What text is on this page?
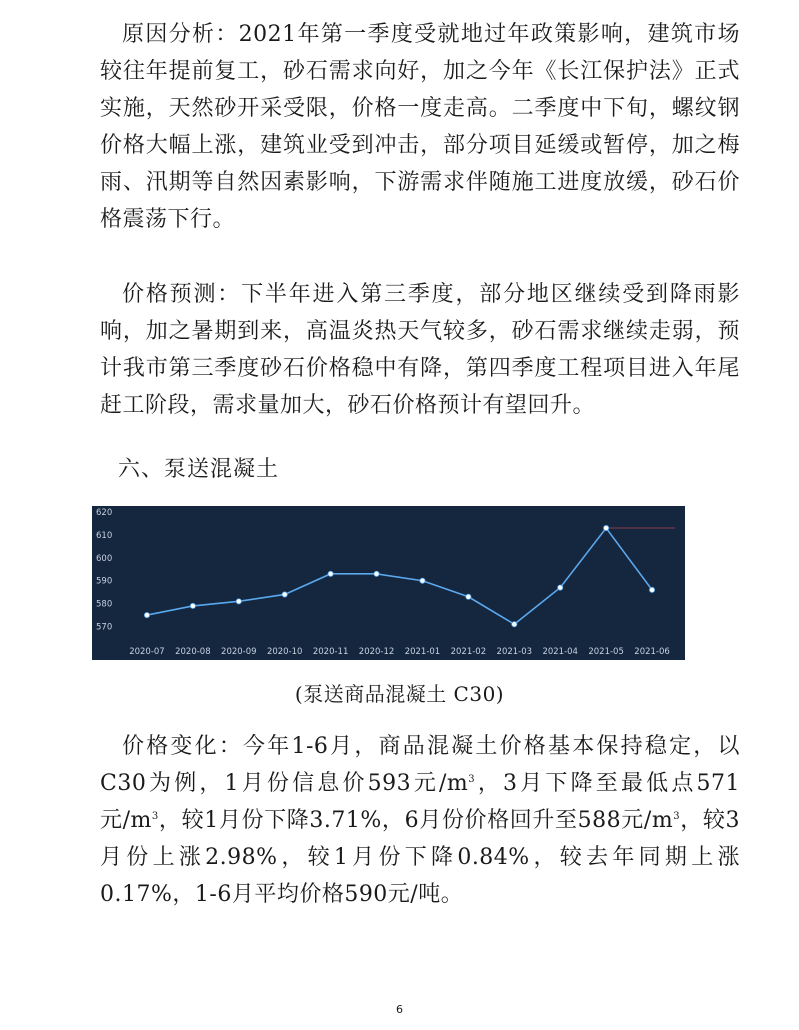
原因分析：2021年第一季度受就地过年政策影响，建筑市场较往年提前复工，砂石需求向好，加之今年《长江保护法》正式实施，天然砂开采受限，价格一度走高。二季度中下旬，螺纹钢价格大幅上涨，建筑业受到冲击，部分项目延缓或暂停，加之梅雨、汛期等自然因素影响，下游需求伴随施工进度放缓，砂石价格震荡下行。

价格预测：下半年进入第三季度，部分地区继续受到降雨影响，加之暑期到来，高温炎热天气较多，砂石需求继续走弱，预计我市第三季度砂石价格稳中有降，第四季度工程项目进入年尾赶工阶段，需求量加大，砂石价格预计有望回升。

六、泵送混凝土
570
580
590
600
610
620
2020-07 2020-08 2020-09 2020-10 2020-11 2020-12 2021-01 2021-02 2021-03 2021-04 2021-05 2021-06

(泵送商品混凝土 C30)

价格变化：今年1-6月，商品混凝土价格基本保持稳定，以C30为例，1月份信息价593元$/m^3$，3月下降至最低点571元$/m^3$，较1月份下降3.71%，6月份价格回升至588元$/m^3$，较3月份上涨2.98%，较1月份下降0.84%，较去年同期上涨0.17%，1-6月平均价格590元/吨。

6
